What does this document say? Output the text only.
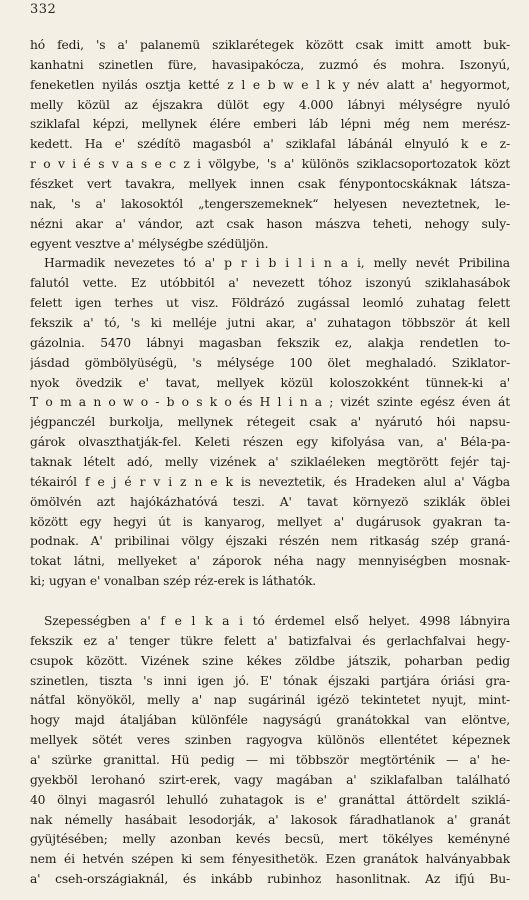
332
hó fedi, 's a' palanemü sziklarétegek között csak imitt amott buk-
kanhatni szinetlen füre, havasipakócza, zuzmó és mohra. Iszonyú,
feneketlen nyilás osztja ketté z l e b w e l k y név alatt a' hegyormot,
melly közül az éjszakra dülöt egy 4.000 lábnyi mélységre nyuló
sziklafal képzi, mellynek élére emberi láb lépni még nem merész-
kedett. Ha e' szédítö magasból a' sziklafal lábánál elnyuló k e z-
r o v i é s v a s e c z i völgybe, 's a' különös sziklacsoportozatok közt
fészket vert tavakra, mellyek innen csak fénypontocskáknak látsza-
nak, 's a' lakosoktól „tengerszemeknek“ helyesen neveztetnek, le-
nézni akar a' vándor, azt csak hason mászva teheti, nehogy suly-
egyent vesztve a' mélységbe szédüljön.
Harmadik nevezetes tó a' p r i b i l i n a i, melly nevét Pribilina
falutól vette. Ez utóbbitól a' nevezett tóhoz iszonyú sziklahasábok
felett igen terhes ut visz. Földrázó zugással leomló zuhatag felett
fekszik a' tó, 's ki melléje jutni akar, a' zuhatagon többször át kell
gázolnia. 5470 lábnyi magasban fekszik ez, alakja rendetlen to-
jásdad gömbölyüségü, 's mélysége 100 ölet meghaladó. Sziklator-
nyok övedzik e' tavat, mellyek közül koloszokként tünnek-ki a'
T o m a n o w o - b o s k o és H l i n a ; vizét szinte egész éven át
jégpanczél burkolja, mellynek rétegeit csak a' nyárutó hói napsu-
gárok olvaszthatják-fel. Keleti részen egy kifolyása van, a' Béla-pa-
taknak lételt adó, melly vizének a' sziklaéleken megtörött fejér taj-
tékairól f e j é r v i z n e k is neveztetik, és Hradeken alul a' Vágba
ömölvén azt hajókázhatóvá teszi. A' tavat környezö sziklák öblei
között egy hegyi út is kanyarog, mellyet a' dugárusok gyakran ta-
podnak. A' pribilinai völgy éjszaki részén nem ritkaság szép graná-
tokat látni, mellyeket a' záporok néha nagy mennyiségben mosnak-
ki; ugyan e' vonalban szép réz-erek is láthatók.
Szepességben a' f e l k a i tó érdemel első helyet. 4998 lábnyira
fekszik ez a' tenger tükre felett a' batizfalvai és gerlachfalvai hegy-
csupok között. Vizének szine kékes zöldbe játszik, poharban pedig
szinetlen, tiszta 's inni igen jó. E' tónak éjszaki partjára óriási gra-
nátfal könyököl, melly a' nap sugárinál igézö tekintetet nyujt, mint-
hogy majd átaljában különféle nagyságú granátokkal van elöntve,
mellyek sötét veres szinben ragyogva különös ellentétet képeznek
a' szürke granittal. Hü pedig — mi többször megtörténik — a' he-
gyekböl lerohanó szirt-erek, vagy magában a' sziklafalban található
40 ölnyi magasról lehulló zuhatagok is e' granáttal áttördelt sziklá-
nak némelly hasábait lesodorják, a' lakosok fáradhatlanok a' granát
gyüjtésében; melly azonban kevés becsü, mert tökélyes keményné
nem éi hetvén szépen ki sem fényesithetök. Ezen granátok halványabbak
a' cseh-országiaknál, és inkább rubinhoz hasonlitnak. Az ifjú Bu-
